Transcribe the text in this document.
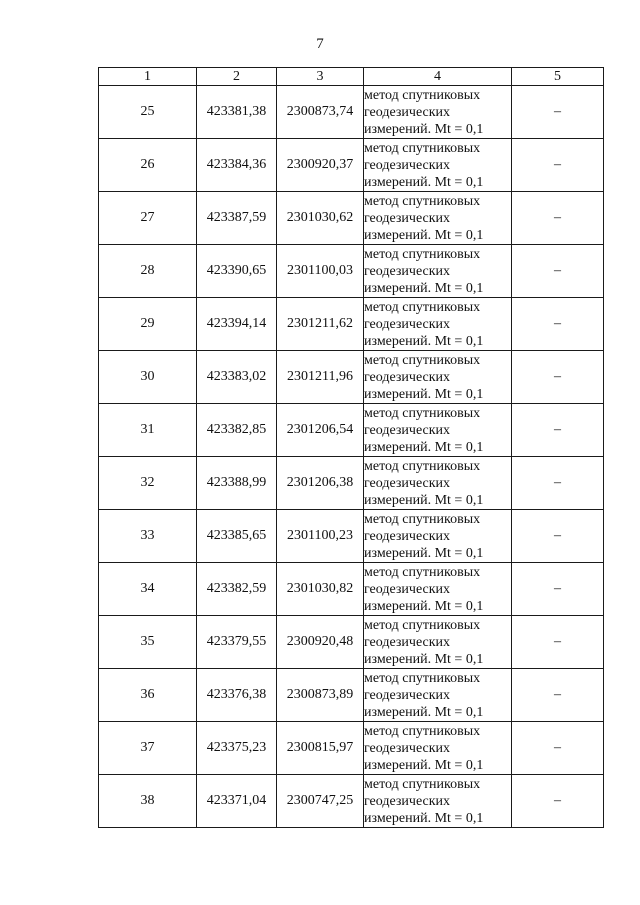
7
1	2	3	4	5
25	423381,38	2300873,74	метод спутниковых
геодезических
измерений. Mt = 0,1	–
26	423384,36	2300920,37	метод спутниковых
геодезических
измерений. Mt = 0,1	–
27	423387,59	2301030,62	метод спутниковых
геодезических
измерений. Mt = 0,1	–
28	423390,65	2301100,03	метод спутниковых
геодезических
измерений. Mt = 0,1	–
29	423394,14	2301211,62	метод спутниковых
геодезических
измерений. Mt = 0,1	–
30	423383,02	2301211,96	метод спутниковых
геодезических
измерений. Mt = 0,1	–
31	423382,85	2301206,54	метод спутниковых
геодезических
измерений. Mt = 0,1	–
32	423388,99	2301206,38	метод спутниковых
геодезических
измерений. Mt = 0,1	–
33	423385,65	2301100,23	метод спутниковых
геодезических
измерений. Mt = 0,1	–
34	423382,59	2301030,82	метод спутниковых
геодезических
измерений. Mt = 0,1	–
35	423379,55	2300920,48	метод спутниковых
геодезических
измерений. Mt = 0,1	–
36	423376,38	2300873,89	метод спутниковых
геодезических
измерений. Mt = 0,1	–
37	423375,23	2300815,97	метод спутниковых
геодезических
измерений. Mt = 0,1	–
38	423371,04	2300747,25	метод спутниковых
геодезических
измерений. Mt = 0,1	–
